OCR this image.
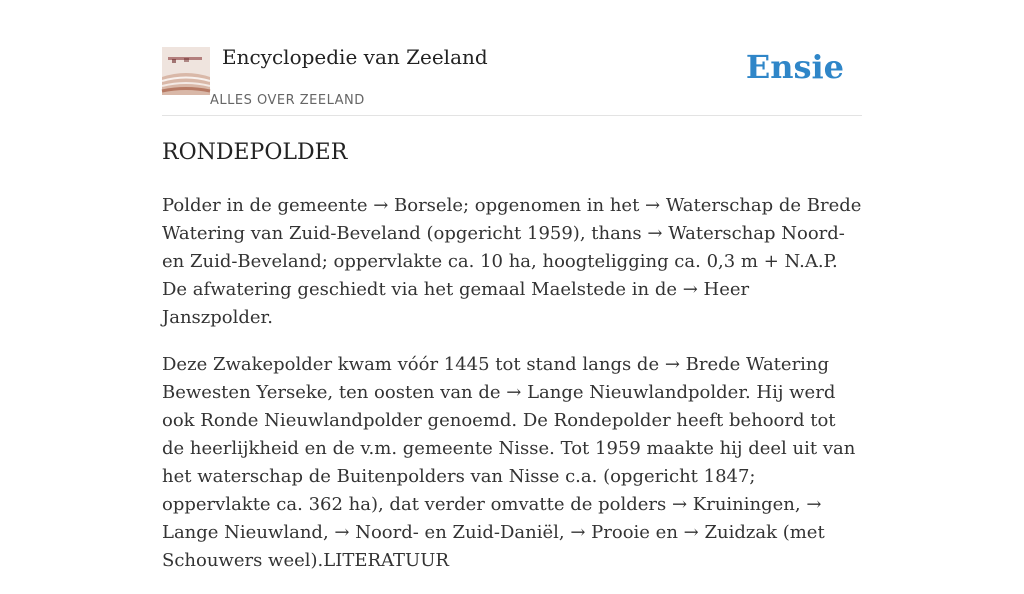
Encyclopedie van Zeeland
ALLES OVER ZEELAND
Ensie
RONDEPOLDER

Polder in de gemeente → Borsele; opgenomen in het → Waterschap de Brede Watering van Zuid-Beveland (opgericht 1959), thans → Waterschap Noord- en Zuid-Beveland; oppervlakte ca. 10 ha, hoogteligging ca. 0,3 m + N.A.P. De afwatering geschiedt via het gemaal Maelstede in de → Heer Janszpolder.

Deze Zwakepolder kwam vóór 1445 tot stand langs de → Brede Watering Bewesten Yerseke, ten oosten van de → Lange Nieuwlandpolder. Hij werd ook Ronde Nieuwlandpolder genoemd. De Rondepolder heeft behoord tot de heerlijkheid en de v.m. gemeente Nisse. Tot 1959 maakte hij deel uit van het waterschap de Buitenpolders van Nisse c.a. (opgericht 1847; oppervlakte ca. 362 ha), dat verder omvatte de polders → Kruiningen, → Lange Nieuwland, → Noord- en Zuid-Daniël, → Prooie en → Zuidzak (met Schouwers weel).LITERATUUR
